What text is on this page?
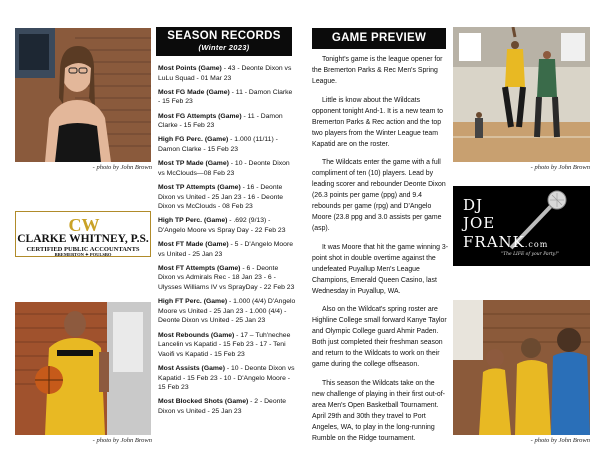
- photo by John Brown
CW
CLARKE WHITNEY, P.S.
CERTIFIED PUBLIC ACCOUNTANTS
BREMERTON ✦ POULSBO
- photo by John Brown
SEASON RECORDS
(Winter 2023)
Most Points (Game) - 43 - Deonte Dixon vs LuLu Squad - 01 Mar 23
Most FG Made (Game) - 11 - Damon Clarke - 15 Feb 23
Most FG Attempts (Game) - 11 - Damon Clarke - 15 Feb 23
High FG Perc. (Game) - 1.000 (11/11) - Damon Clarke - 15 Feb 23
Most TP Made (Game) - 10 - Deonte Dixon vs McClouds—08 Feb 23
Most TP Attempts (Game) - 16 - Deonte Dixon vs United - 25 Jan 23 - 16 - Deonte Dixon vs McClouds - 08 Feb 23
High TP Perc. (Game) - .692 (9/13) - D'Angelo Moore vs Spray Day - 22 Feb 23
Most FT Made (Game) - 5 - D'Angelo Moore vs United - 25 Jan 23
Most FT Attempts (Game) - 6 - Deonte Dixon vs Admirals Rec - 18 Jan 23 - 6 - Ulysses Williams IV vs SprayDay - 22 Feb 23
High FT Perc. (Game) - 1.000 (4/4) D'Angelo Moore vs United - 25 Jan 23 - 1.000 (4/4) - Deonte Dixon vs United - 25 Jan 23
Most Rebounds (Game) - 17 – Tuh'nechee Lancelin vs Kapatid - 15 Feb 23 - 17 - Teni Vaoifi vs Kapatid - 15 Feb 23
Most Assists (Game) - 10 - Deonte Dixon vs Kapatid - 15 Feb 23 - 10 - D'Angelo Moore - 15 Feb 23
Most Blocked Shots (Game) - 2 - Deonte Dixon vs United - 25 Jan 23
GAME PREVIEW

Tonight's game is the league opener for the Bremerton Parks & Rec Men's Spring League.

Little is know about the Wildcats opponent tonight And-1. It is a new team to Bremerton Parks & Rec action and the top two players from the Winter League team Kapatid are on the roster.

The Wildcats enter the game with a full compliment of ten (10) players. Lead by leading scorer and rebounder Deonte Dixon (26.3 points per game (ppg) and 9.4 rebounds per game (rpg) and D'Angelo Moore (23.8 ppg and 3.0 assists per game (asp).

It was Moore that hit the game winning 3-point shot in double overtime against the undefeated Puyallup Men's League Champions, Emerald Queen Casino, last Wednesday in Puyallup, WA.

Also on the Wildcat's spring roster are Highline College small forward Kanye Taylor and Olympic College guard Ahmir Paden. Both just completed their freshman season and return to the Wildcats to work on their game during the college offseason.

This season the Wildcats take on the new challenge of playing in their first out-of-area Men's Open Basketball Tournament. April 29th and 30th they travel to Port Angeles, WA, to play in the long-running Rumble on the Ridge tournament.

- photo by John Brown
DJ
JOE
FRANK.com
"The LIFE of your Party!"
- photo by John Brown
